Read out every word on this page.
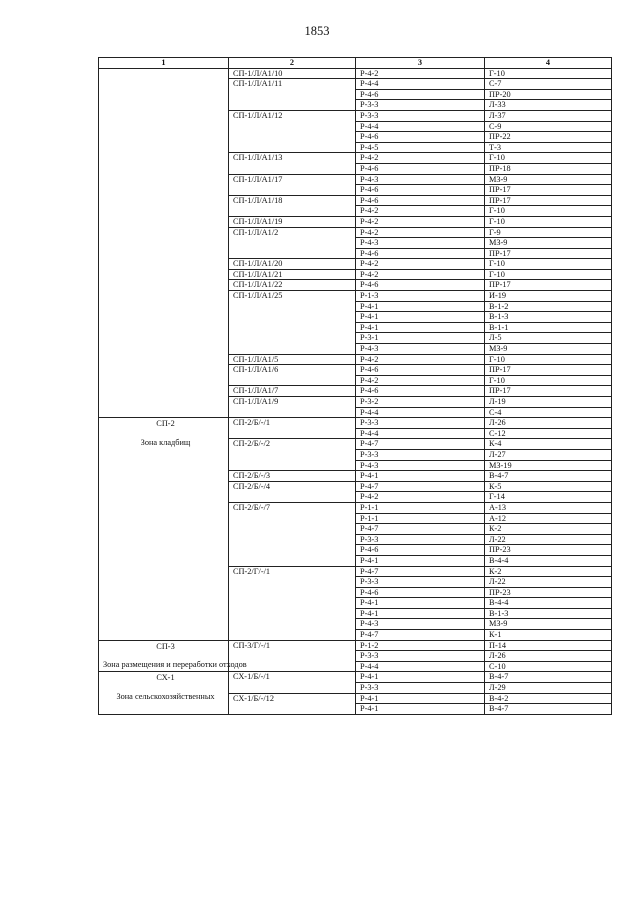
1853
1	2	3	4

	СП-1/Л/А1/10	Р-4-2	Г-10
	СП-1/Л/А1/11	Р-4-4	С-7
		Р-4-6	ПР-20
		Р-3-3	Л-33
	СП-1/Л/А1/12	Р-3-3	Л-37
		Р-4-4	С-9
		Р-4-6	ПР-22
		Р-4-5	Т-3
	СП-1/Л/А1/13	Р-4-2	Г-10
		Р-4-6	ПР-18
	СП-1/Л/А1/17	Р-4-3	МЗ-9
		Р-4-6	ПР-17
	СП-1/Л/А1/18	Р-4-6	ПР-17
		Р-4-2	Г-10
	СП-1/Л/А1/19	Р-4-2	Г-10
	СП-1/Л/А1/2	Р-4-2	Г-9
		Р-4-3	МЗ-9
		Р-4-6	ПР-17
	СП-1/Л/А1/20	Р-4-2	Г-10
	СП-1/Л/А1/21	Р-4-2	Г-10
	СП-1/Л/А1/22	Р-4-6	ПР-17
	СП-1/Л/А1/25	Р-1-3	И-19
		Р-4-1	В-1-2
		Р-4-1	В-1-3
		Р-4-1	В-1-1
		Р-3-1	Л-5
		Р-4-3	МЗ-9
	СП-1/Л/А1/5	Р-4-2	Г-10
	СП-1/Л/А1/6	Р-4-6	ПР-17
		Р-4-2	Г-10
	СП-1/Л/А1/7	Р-4-6	ПР-17
	СП-1/Л/А1/9	Р-3-2	Л-19
		Р-4-4	С-4

СП-2
Зона кладбищ	СП-2/Б/-/1	Р-3-3	Л-26
		Р-4-4	С-12
	СП-2/Б/-/2	Р-4-7	К-4
		Р-3-3	Л-27
		Р-4-3	МЗ-19
	СП-2/Б/-/3	Р-4-1	В-4-7
	СП-2/Б/-/4	Р-4-7	К-5
		Р-4-2	Г-14
	СП-2/Б/-/7	Р-1-1	А-13
		Р-1-1	А-12
		Р-4-7	К-2
		Р-3-3	Л-22
		Р-4-6	ПР-23
		Р-4-1	В-4-4
	СП-2/Г/-/1	Р-4-7	К-2
		Р-3-3	Л-22
		Р-4-6	ПР-23
		Р-4-1	В-4-4
		Р-4-1	В-1-3
		Р-4-3	МЗ-9
		Р-4-7	К-1

СП-3
Зона размещения и переработки отходов	СП-3/Г/-/1	Р-1-2	П-14
		Р-3-3	Л-26
		Р-4-4	С-10

СХ-1
Зона сельскохозяйственных	СХ-1/Б/-/1	Р-4-1	В-4-7
		Р-3-3	Л-29
	СХ-1/Б/-/12	Р-4-1	В-4-2
		Р-4-1	В-4-7
